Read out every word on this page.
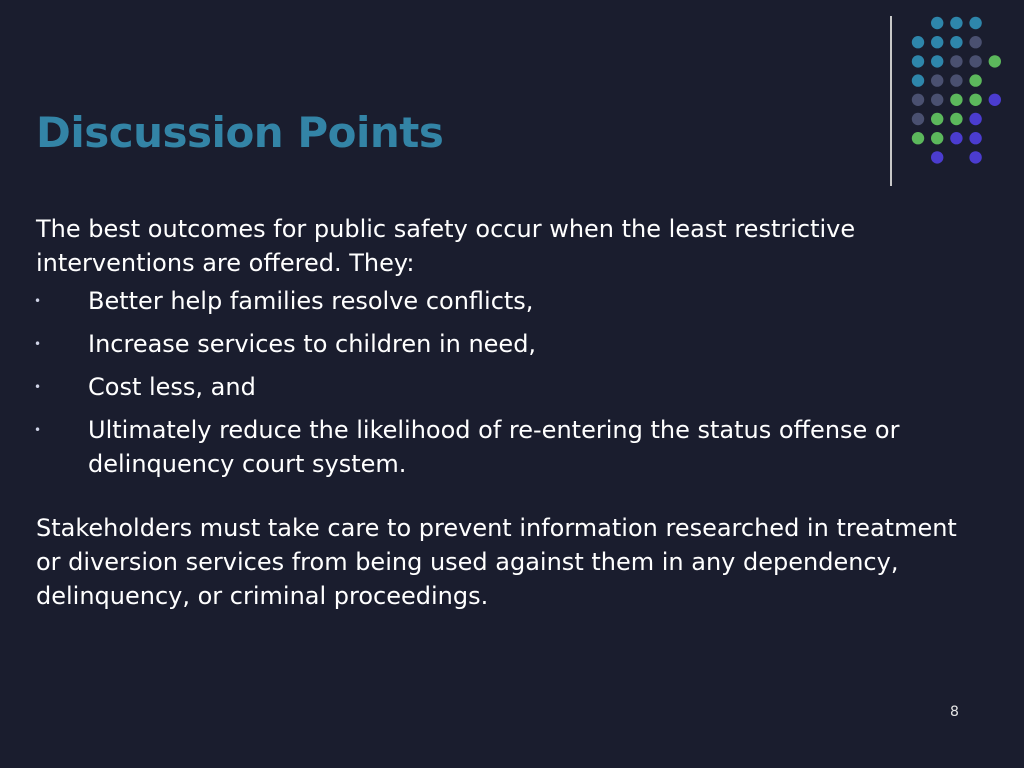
Discussion Points

The best outcomes for public safety occur when the least restrictive interventions are offered. They:

• Better help families resolve conflicts,
• Increase services to children in need,
• Cost less, and
• Ultimately reduce the likelihood of re-entering the status offense or delinquency court system.

Stakeholders must take care to prevent information researched in treatment or diversion services from being used against them in any dependency, delinquency, or criminal proceedings.

8
